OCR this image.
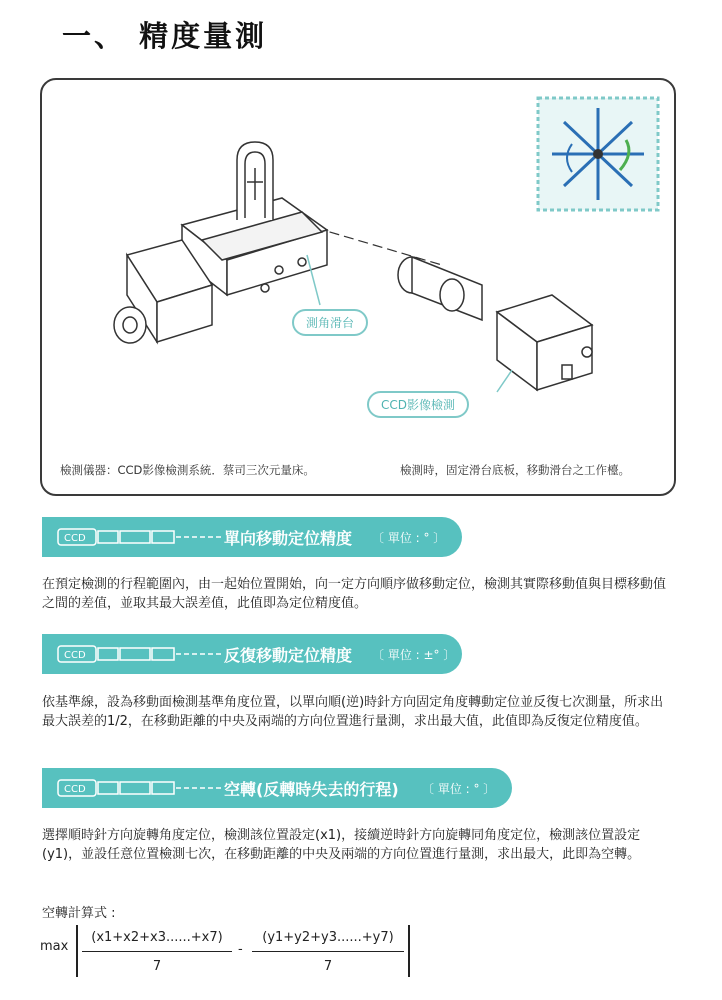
一、 精度量測
測角滑台
CCD影像檢測
檢測儀器：CCD影像檢測系統．蔡司三次元量床。	檢測時，固定滑台底板，移動滑台之工作檯。
CCD	單向移動定位精度 〔 單位 : ° 〕
在預定檢測的行程範圍內，由一起始位置開始，向一定方向順序做移動定位，檢測其實際移動值與目標移動值之間的差值，並取其最大誤差值，此值即為定位精度值。
CCD	反復移動定位精度 〔 單位 : ±° 〕
依基準線，設為移動面檢測基準角度位置，以單向順(逆)時針方向固定角度轉動定位並反復七次測量，所求出最大誤差的1/2，在移動距離的中央及兩端的方向位置進行量測，求出最大值，此值即為反復定位精度值。
CCD	空轉(反轉時失去的行程) 〔 單位 : ° 〕
選擇順時針方向旋轉角度定位，檢測該位置設定(x1)，接續逆時針方向旋轉同角度定位，檢測該位置設定(y1)，並設任意位置檢測七次，在移動距離的中央及兩端的方向位置進行量測，求出最大，此即為空轉。
空轉計算式 :
max
(x1+x2+x3......+x7)
7
-
(y1+y2+y3......+y7)
7
